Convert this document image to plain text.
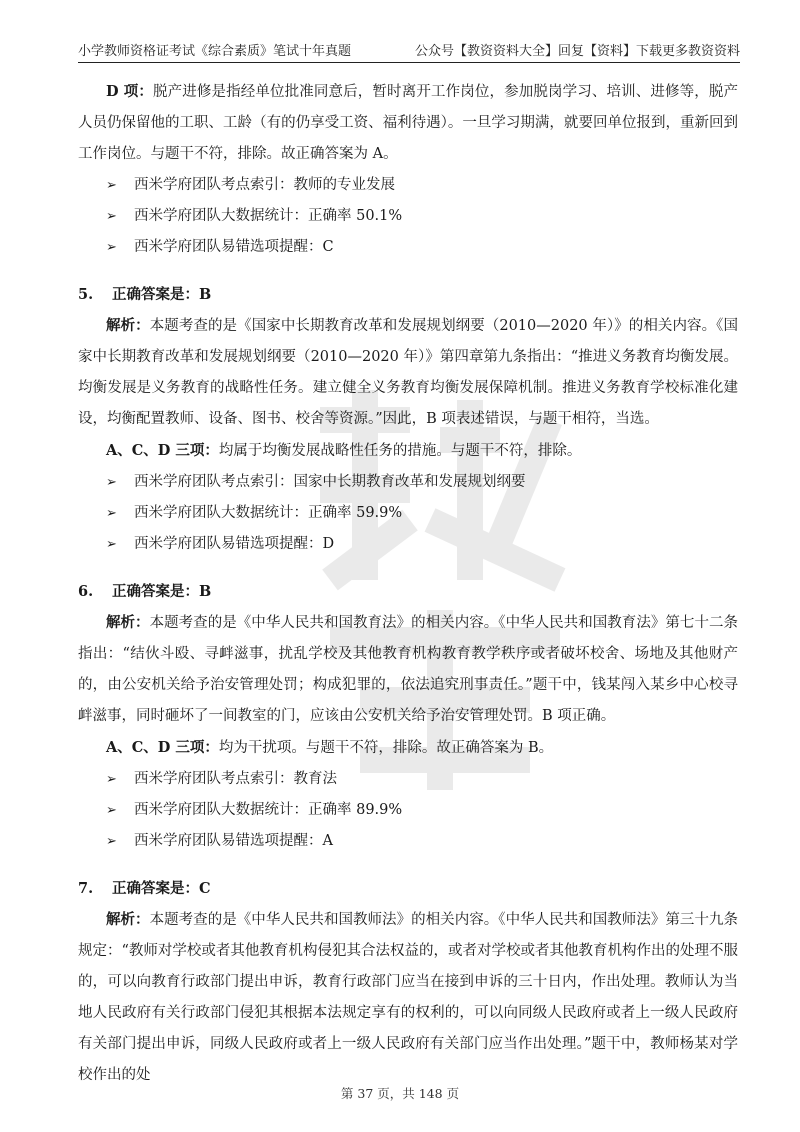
小学教师资格证考试《综合素质》笔试十年真题	公众号【教资资料大全】回复【资料】下载更多教资资料

D 项：脱产进修是指经单位批准同意后，暂时离开工作岗位，参加脱岗学习、培训、进修等，脱产人员仍保留他的工职、工龄（有的仍享受工资、福利待遇）。一旦学习期满，就要回单位报到，重新回到工作岗位。与题干不符，排除。故正确答案为 A。

➢ 西米学府团队考点索引：教师的专业发展

➢ 西米学府团队大数据统计：正确率 50.1%

➢ 西米学府团队易错选项提醒：C

5. 正确答案是：B

解析：本题考查的是《国家中长期教育改革和发展规划纲要（2010—2020 年）》的相关内容。《国家中长期教育改革和发展规划纲要（2010—2020 年）》第四章第九条指出：“推进义务教育均衡发展。均衡发展是义务教育的战略性任务。建立健全义务教育均衡发展保障机制。推进义务教育学校标准化建设，均衡配置教师、设备、图书、校舍等资源。”因此，B 项表述错误，与题干相符，当选。

A、C、D 三项：均属于均衡发展战略性任务的措施。与题干不符，排除。

➢ 西米学府团队考点索引：国家中长期教育改革和发展规划纲要

➢ 西米学府团队大数据统计：正确率 59.9%

➢ 西米学府团队易错选项提醒：D

6. 正确答案是：B

解析：本题考查的是《中华人民共和国教育法》的相关内容。《中华人民共和国教育法》第七十二条指出：“结伙斗殴、寻衅滋事，扰乱学校及其他教育机构教育教学秩序或者破坏校舍、场地及其他财产的，由公安机关给予治安管理处罚；构成犯罪的，依法追究刑事责任。”题干中，钱某闯入某乡中心校寻衅滋事，同时砸坏了一间教室的门，应该由公安机关给予治安管理处罚。B 项正确。

A、C、D 三项：均为干扰项。与题干不符，排除。故正确答案为 B。

➢ 西米学府团队考点索引：教育法

➢ 西米学府团队大数据统计：正确率 89.9%

➢ 西米学府团队易错选项提醒：A

7. 正确答案是：C

解析：本题考查的是《中华人民共和国教师法》的相关内容。《中华人民共和国教师法》第三十九条规定：“教师对学校或者其他教育机构侵犯其合法权益的，或者对学校或者其他教育机构作出的处理不服的，可以向教育行政部门提出申诉，教育行政部门应当在接到申诉的三十日内，作出处理。教师认为当地人民政府有关行政部门侵犯其根据本法规定享有的权利的，可以向同级人民政府或者上一级人民政府有关部门提出申诉，同级人民政府或者上一级人民政府有关部门应当作出处理。”题干中，教师杨某对学校作出的处

第 37 页，共 148 页
